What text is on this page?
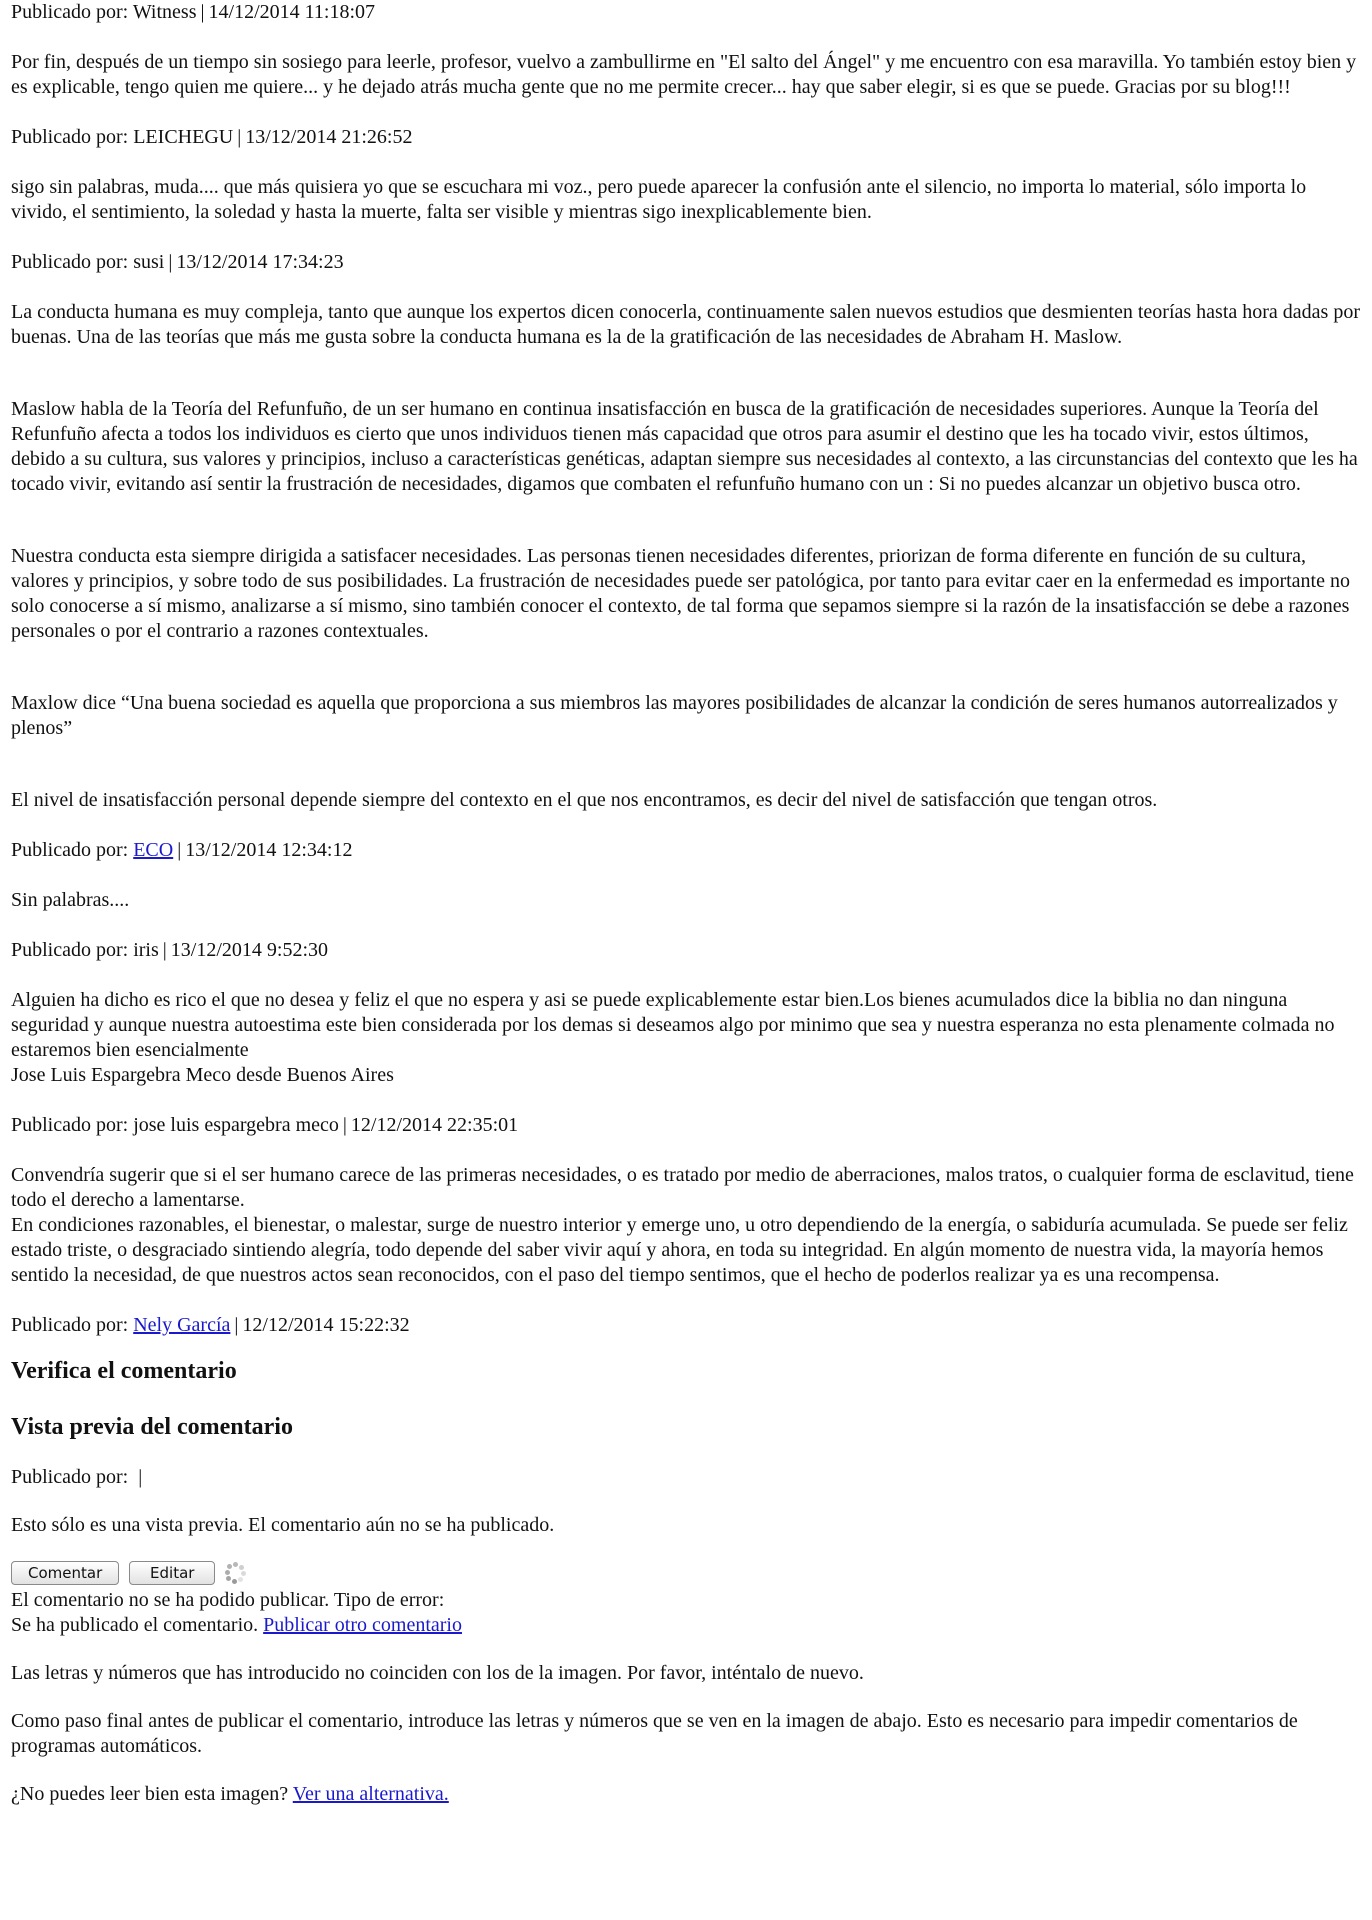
Publicado por: Witness | 14/12/2014 11:18:07

Por fin, después de un tiempo sin sosiego para leerle, profesor, vuelvo a zambullirme en "El salto del Ángel" y me encuentro con esa maravilla. Yo también estoy bien y es explicable, tengo quien me quiere... y he dejado atrás mucha gente que no me permite crecer... hay que saber elegir, si es que se puede. Gracias por su blog!!!

Publicado por: LEICHEGU | 13/12/2014 21:26:52

sigo sin palabras, muda.... que más quisiera yo que se escuchara mi voz., pero puede aparecer la confusión ante el silencio, no importa lo material, sólo importa lo vivido, el sentimiento, la soledad y hasta la muerte, falta ser visible y mientras sigo inexplicablemente bien.

Publicado por: susi | 13/12/2014 17:34:23

La conducta humana es muy compleja, tanto que aunque los expertos dicen conocerla, continuamente salen nuevos estudios que desmienten teorías hasta hora dadas por buenas. Una de las teorías que más me gusta sobre la conducta humana es la de la gratificación de las necesidades de Abraham H. Maslow.

Maslow habla de la Teoría del Refunfuño, de un ser humano en continua insatisfacción en busca de la gratificación de necesidades superiores. Aunque la Teoría del Refunfuño afecta a todos los individuos es cierto que unos individuos tienen más capacidad que otros para asumir el destino que les ha tocado vivir, estos últimos, debido a su cultura, sus valores y principios, incluso a características genéticas, adaptan siempre sus necesidades al contexto, a las circunstancias del contexto que les ha tocado vivir, evitando así sentir la frustración de necesidades, digamos que combaten el refunfuño humano con un : Si no puedes alcanzar un objetivo busca otro.

Nuestra conducta esta siempre dirigida a satisfacer necesidades. Las personas tienen necesidades diferentes, priorizan de forma diferente en función de su cultura, valores y principios, y sobre todo de sus posibilidades. La frustración de necesidades puede ser patológica, por tanto para evitar caer en la enfermedad es importante no solo conocerse a sí mismo, analizarse a sí mismo, sino también conocer el contexto, de tal forma que sepamos siempre si la razón de la insatisfacción se debe a razones personales o por el contrario a razones contextuales.

Maxlow dice “Una buena sociedad es aquella que proporciona a sus miembros las mayores posibilidades de alcanzar la condición de seres humanos autorrealizados y plenos”

El nivel de insatisfacción personal depende siempre del contexto en el que nos encontramos, es decir del nivel de satisfacción que tengan otros.

Publicado por: ECO | 13/12/2014 12:34:12

Sin palabras....

Publicado por: iris | 13/12/2014 9:52:30

Alguien ha dicho es rico el que no desea y feliz el que no espera y asi se puede explicablemente estar bien.Los bienes acumulados dice la biblia no dan ninguna seguridad y aunque nuestra autoestima este bien considerada por los demas si deseamos algo por minimo que sea y nuestra esperanza no esta plenamente colmada no estaremos bien esencialmente

Jose Luis Espargebra Meco desde Buenos Aires

Publicado por: jose luis espargebra meco | 12/12/2014 22:35:01

Convendría sugerir que si el ser humano carece de las primeras necesidades, o es tratado por medio de aberraciones, malos tratos, o cualquier forma de esclavitud, tiene todo el derecho a lamentarse.

En condiciones razonables, el bienestar, o malestar, surge de nuestro interior y emerge uno, u otro dependiendo de la energía, o sabiduría acumulada. Se puede ser feliz estado triste, o desgraciado sintiendo alegría, todo depende del saber vivir aquí y ahora, en toda su integridad. En algún momento de nuestra vida, la mayoría hemos sentido la necesidad, de que nuestros actos sean reconocidos, con el paso del tiempo sentimos, que el hecho de poderlos realizar ya es una recompensa.

Publicado por: Nely García | 12/12/2014 15:22:32

Verifica el comentario
Vista previa del comentario

Publicado por: |

Esto sólo es una vista previa. El comentario aún no se ha publicado.

Comentar	Editar

El comentario no se ha podido publicar. Tipo de error:

Se ha publicado el comentario. Publicar otro comentario

Las letras y números que has introducido no coinciden con los de la imagen. Por favor, inténtalo de nuevo.

Como paso final antes de publicar el comentario, introduce las letras y números que se ven en la imagen de abajo. Esto es necesario para impedir comentarios de programas automáticos.

¿No puedes leer bien esta imagen? Ver una alternativa.
